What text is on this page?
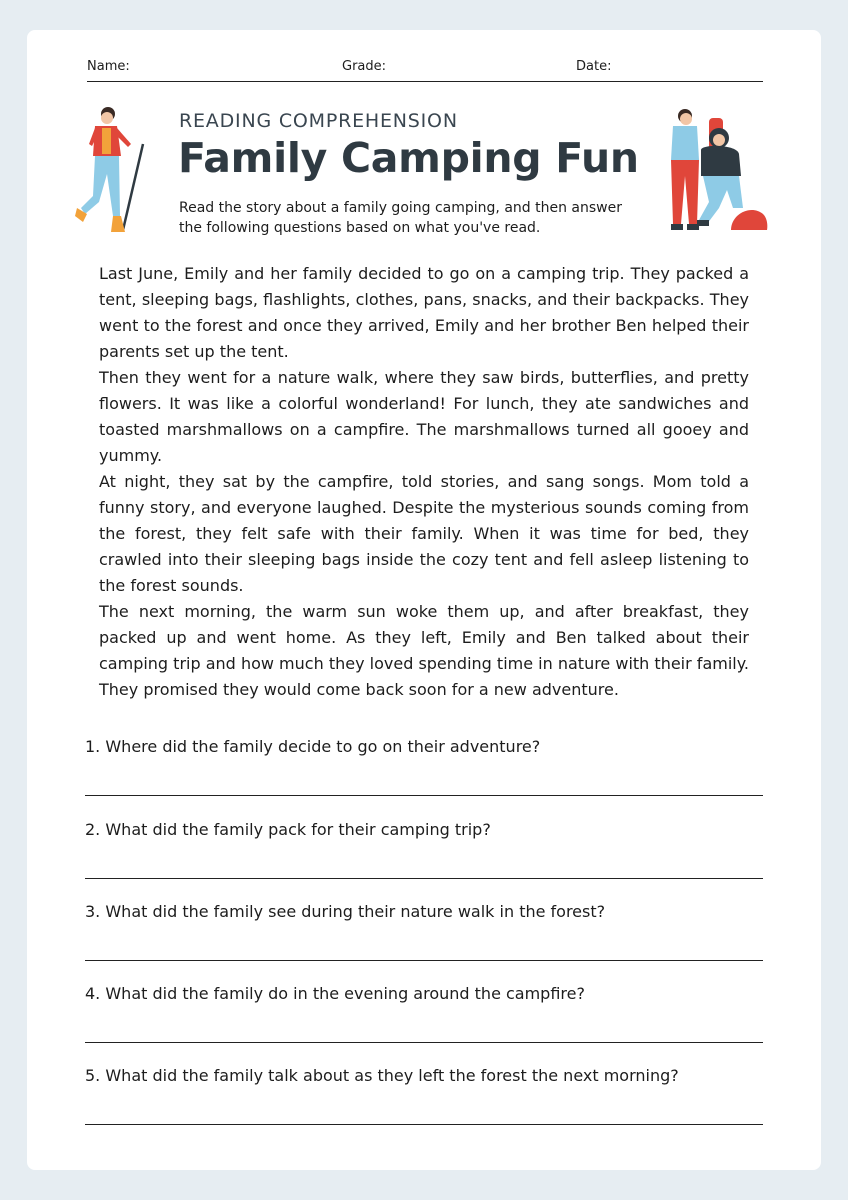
Name:	Grade:	Date:
READING COMPREHENSION
Family Camping Fun
Read the story about a family going camping, and then answer the following questions based on what you've read.

Last June, Emily and her family decided to go on a camping trip. They packed a tent, sleeping bags, flashlights, clothes, pans, snacks, and their backpacks. They went to the forest and once they arrived, Emily and her brother Ben helped their parents set up the tent.

Then they went for a nature walk, where they saw birds, butterflies, and pretty flowers. It was like a colorful wonderland! For lunch, they ate sandwiches and toasted marshmallows on a campfire. The marshmallows turned all gooey and yummy.

At night, they sat by the campfire, told stories, and sang songs. Mom told a funny story, and everyone laughed. Despite the mysterious sounds coming from the forest, they felt safe with their family. When it was time for bed, they crawled into their sleeping bags inside the cozy tent and fell asleep listening to the forest sounds.

The next morning, the warm sun woke them up, and after breakfast, they packed up and went home. As they left, Emily and Ben talked about their camping trip and how much they loved spending time in nature with their family. They promised they would come back soon for a new adventure.

1. Where did the family decide to go on their adventure?
2. What did the family pack for their camping trip?
3. What did the family see during their nature walk in the forest?
4. What did the family do in the evening around the campfire?
5. What did the family talk about as they left the forest the next morning?
